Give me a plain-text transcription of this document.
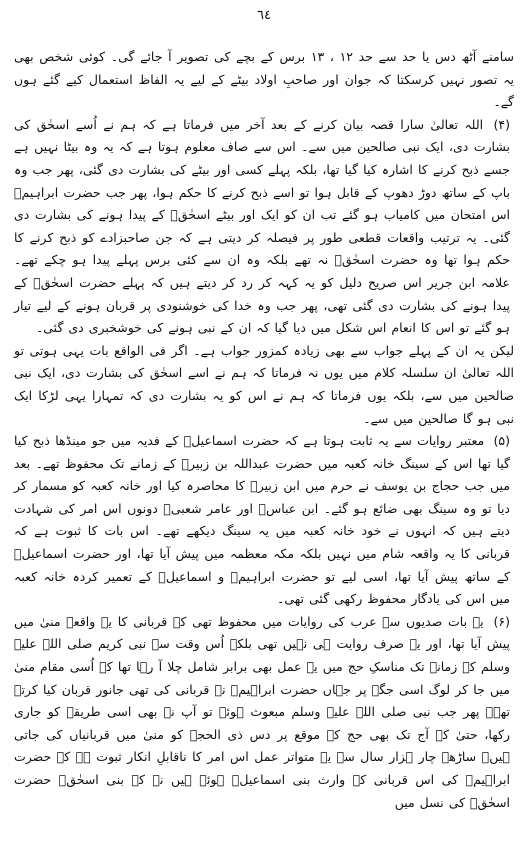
٦٤

سامنے آٹھ دس یا حد سے حد ۱۲ ، ۱۳ برس کے بچے کی تصویر آ جائے گی۔ کوئی شخص بھی یہ تصور نہیں کرسکتا کہ جوان اور صاحبِ اولاد بیٹے کے لیے یہ الفاظ استعمال کیے گئے ہوں گے۔

(۴) اللہ تعالیٰ سارا قصہ بیان کرنے کے بعد آخر میں فرماتا ہے کہ ہم نے اُسے اسحٰق کی بشارت دی، ایک نبی صالحین میں سے۔ اس سے صاف معلوم ہوتا ہے کہ یہ وہ بیٹا نہیں ہے جسے ذبح کرنے کا اشارہ کیا گیا تھا، بلکہ پہلے کسی اور بیٹے کی بشارت دی گئی، پھر جب وہ باپ کے ساتھ دوڑ دھوپ کے قابل ہوا تو اسے ذبح کرنے کا حکم ہوا، پھر جب حضرت ابراہیمؑ اس امتحان میں کامیاب ہو گئے تب ان کو ایک اور بیٹے اسحٰقؑ کے پیدا ہونے کی بشارت دی گئی۔ یہ ترتیب واقعات قطعی طور پر فیصلہ کر دیتی ہے کہ جن صاحبزادے کو ذبح کرنے کا حکم ہوا تھا وہ حضرت اسحٰقؑ نہ تھے بلکہ وہ ان سے کئی برس پہلے پیدا ہو چکے تھے۔ علامہ ابن جریر اس صریح دلیل کو یہ کہہ کر رد کر دیتے ہیں کہ پہلے حضرت اسحٰقؑ کے پیدا ہونے کی بشارت دی گئی تھی، پھر جب وہ خدا کی خوشنودی پر قربان ہونے کے لیے تیار ہو گئے تو اس کا انعام اس شکل میں دیا گیا کہ ان کے نبی ہونے کی خوشخبری دی گئی۔

لیکن یہ ان کے پہلے جواب سے بھی زیادہ کمزور جواب ہے۔ اگر فی الواقع بات یہی ہوتی تو اللہ تعالیٰ ان سلسلہ کلام میں یوں نہ فرماتا کہ ہم نے اسے اسحٰق کی بشارت دی، ایک نبی صالحین میں سے، بلکہ یوں فرماتا کہ ہم نے اس کو یہ بشارت دی کہ تمہارا یہی لڑکا ایک نبی ہو گا صالحین میں سے۔

(۵) معتبر روایات سے یہ ثابت ہوتا ہے کہ حضرت اسماعیلؑ کے فدیہ میں جو مینڈھا ذبح کیا گیا تھا اس کے سینگ خانہ کعبہ میں حضرت عبداللہ بن زبیرؓ کے زمانے تک محفوظ تھے۔ بعد میں جب حجاج بن یوسف نے حرم میں ابن زبیرؓ کا محاصرہ کیا اور خانہ کعبہ کو مسمار کر دیا تو وہ سینگ بھی ضائع ہو گئے۔ ابن عباسؓ اور عامر شعبیؒ دونوں اس امر کی شہادت دیتے ہیں کہ انہوں نے خود خانہ کعبہ میں یہ سینگ دیکھے تھے۔ اس بات کا ثبوت ہے کہ قربانی کا یہ واقعہ شام میں نہیں بلکہ مکہ معظمہ میں پیش آیا تھا، اور حضرت اسماعیلؑ کے ساتھ پیش آیا تھا، اسی لیے تو حضرت ابراہیمؑ و اسماعیلؑ کے تعمیر کردہ خانہ کعبہ میں اس کی یادگار محفوظ رکھی گئی تھی۔

(۶) یہ بات صدیوں سے عرب کی روایات میں محفوظ تھی کہ قربانی کا یہ واقعہ منیٰ میں پیش آیا تھا، اور یہ صرف روایت ہی نہیں تھی بلکہ اُس وقت سے نبی کریم صلی اللہ علیہ وسلم کے زمانے تک مناسکِ حج میں یہ عمل بھی برابر شامل چلا آ رہا تھا کہ اُسی مقام منیٰ میں جا کر لوگ اسی جگہ پر جہاں حضرت ابراہیمؑ نے قربانی کی تھی جانور قربان کیا کرتے تھے۔ پھر جب نبی صلی اللہ علیہ وسلم مبعوث ہوئے تو آپ نے بھی اسی طریقے کو جاری رکھا، حتیٰ کہ آج تک بھی حج کے موقع پر دس ذی الحجہ کو منیٰ میں قربانیاں کی جاتی ہیں۔ ساڑھے چار ہزار سال سے یہ متواتر عمل اس امر کا ناقابلِ انکار ثبوت ہے کہ حضرت ابراہیمؑ کی اس قربانی کے وارث بنی اسماعیلؑ ہوئے ہیں نہ کہ بنی اسحٰق۔ حضرت اسحٰقؑ کی نسل میں
